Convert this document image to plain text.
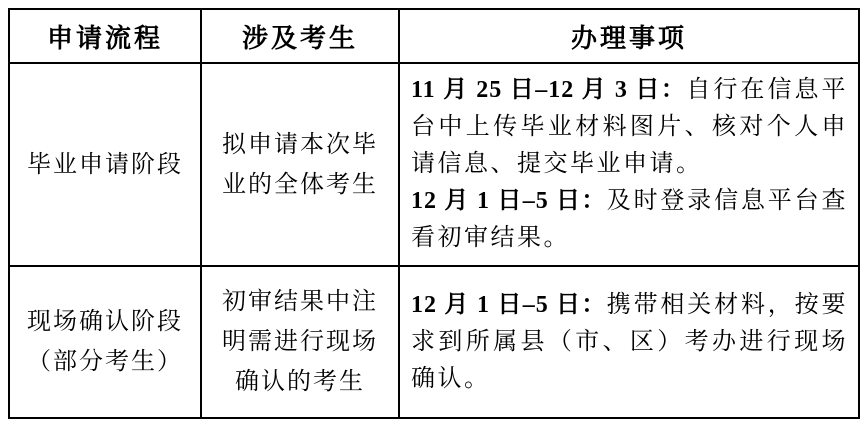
申请流程	涉及考生	办理事项
毕业申请阶段	拟申请本次毕业的全体考生	11 月 25 日–12 月 3 日：自行在信息平台中上传毕业材料图片、核对个人申请信息、提交毕业申请。

12 月 1 日–5 日：及时登录信息平台查看初审结果。

现场确认阶段（部分考生）	初审结果中注明需进行现场确认的考生	12 月 1 日–5 日：携带相关材料，按要求到所属县（市、区）考办进行现场确认。
